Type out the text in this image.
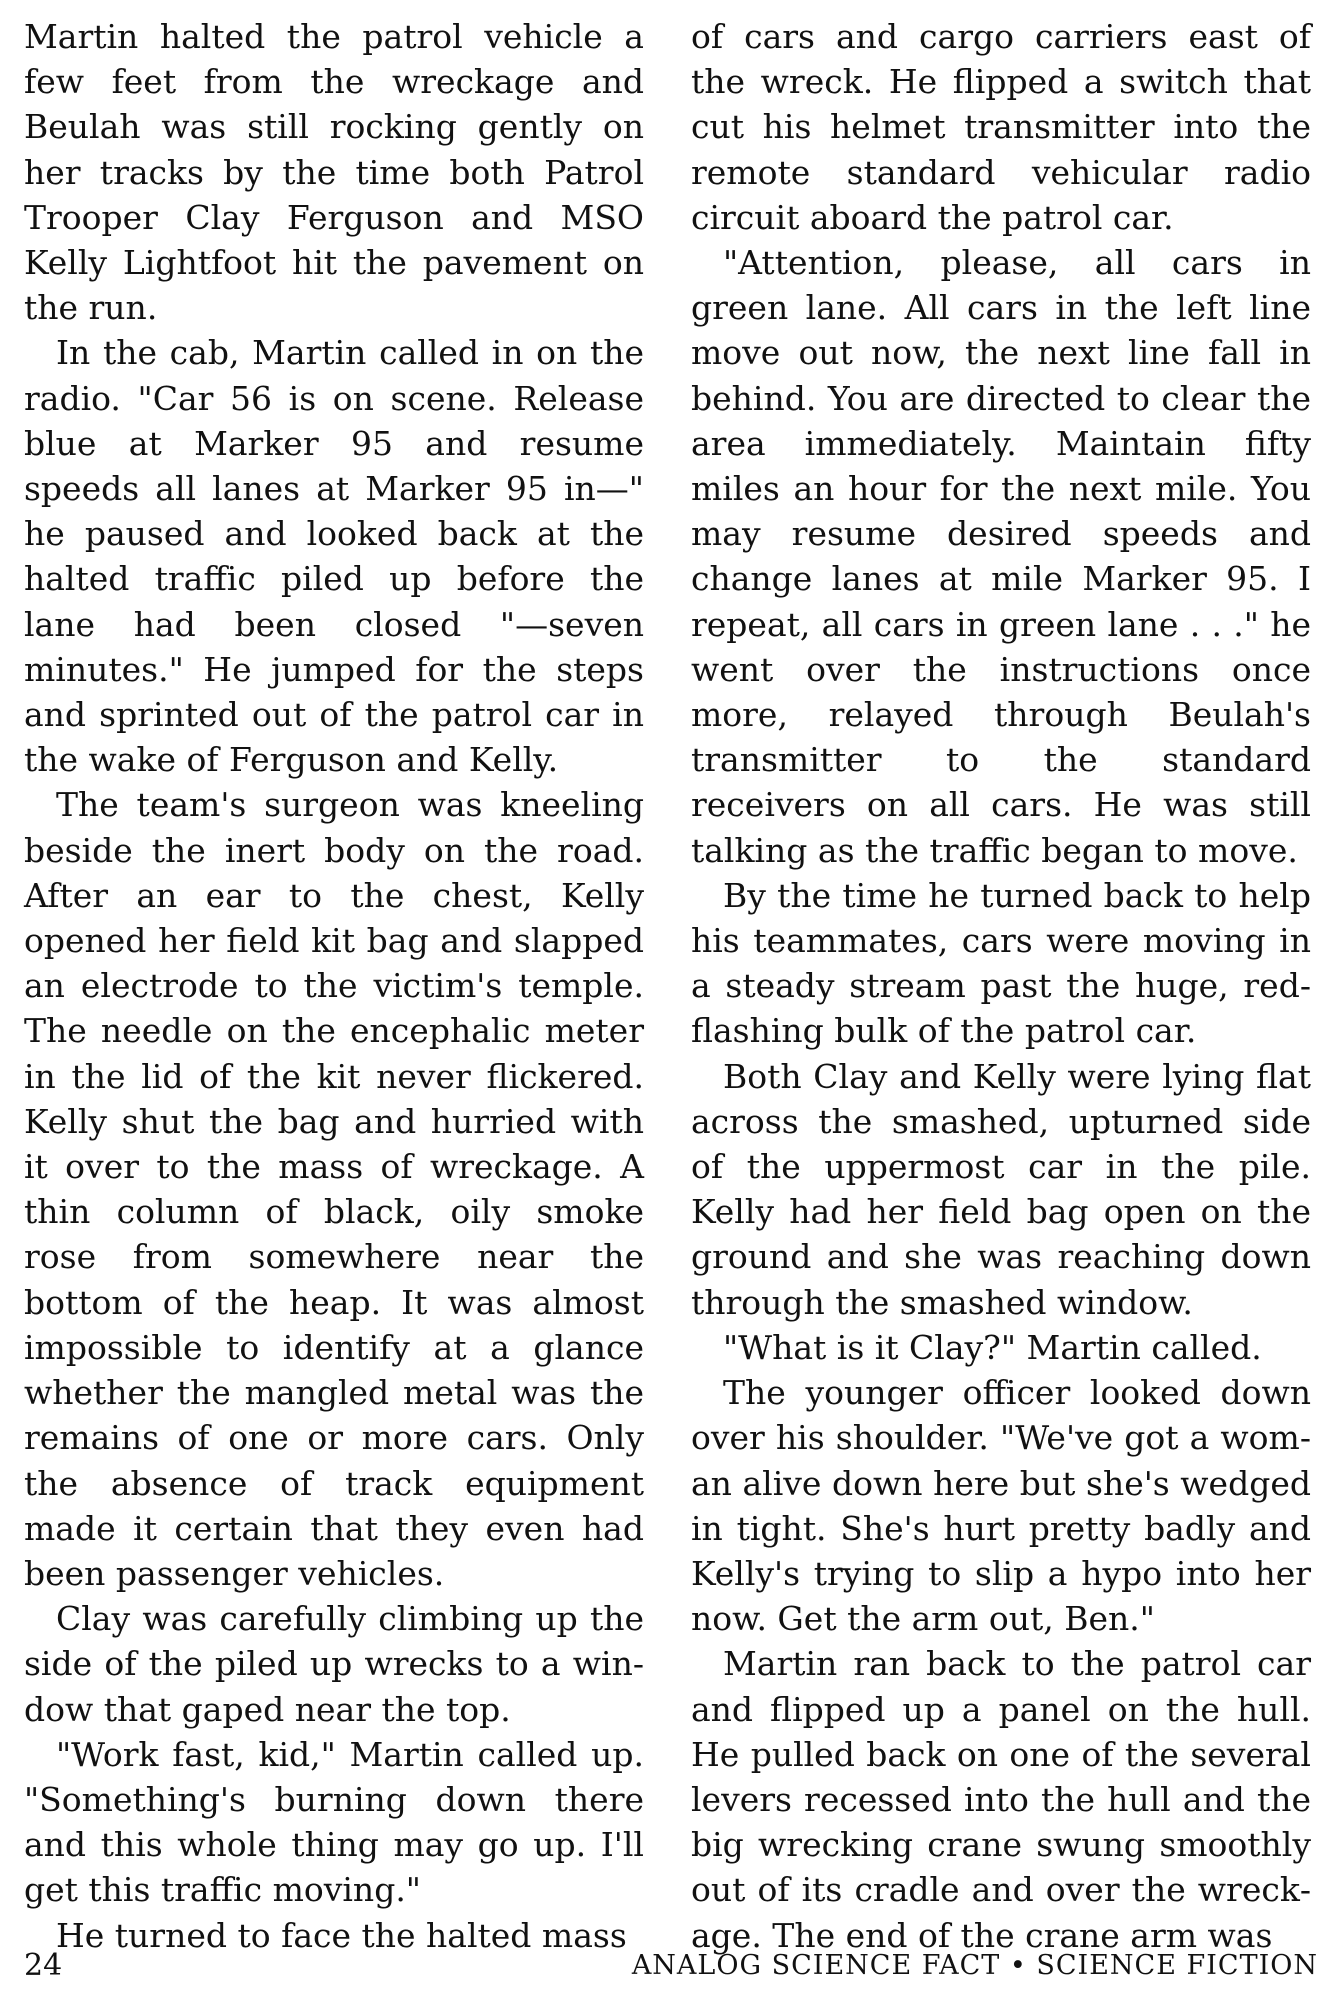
Martin halted the patrol vehicle a few feet from the wreckage and Beulah was still rocking gently on her tracks by the time both Patrol Trooper Clay Ferguson and MSO Kelly Lightfoot hit the pavement on the run.

In the cab, Martin called in on the radio. "Car 56 is on scene. Release blue at Marker 95 and resume speeds all lanes at Marker 95 in—" he paused and looked back at the halted traffic piled up before the lane had been closed "—seven minutes." He jumped for the steps and sprinted out of the patrol car in the wake of Ferguson and Kelly.

The team's surgeon was kneeling beside the inert body on the road. After an ear to the chest, Kelly opened her field kit bag and slapped an electrode to the victim's temple. The needle on the encephalic meter in the lid of the kit never flickered. Kelly shut the bag and hurried with it over to the mass of wreckage. A thin column of black, oily smoke rose from somewhere near the bottom of the heap. It was almost impossible to identify at a glance whether the mangled metal was the remains of one or more cars. Only the absence of track equipment made it certain that they even had been passenger vehicles.

Clay was carefully climbing up the side of the piled up wrecks to a window that gaped near the top.

"Work fast, kid," Martin called up. "Something's burning down there and this whole thing may go up. I'll get this traffic moving."

He turned to face the halted mass

of cars and cargo carriers east of the wreck. He flipped a switch that cut his helmet transmitter into the remote standard vehicular radio circuit aboard the patrol car.

"Attention, please, all cars in green lane. All cars in the left line move out now, the next line fall in behind. You are directed to clear the area immediately. Maintain fifty miles an hour for the next mile. You may resume desired speeds and change lanes at mile Marker 95. I repeat, all cars in green lane . . ." he went over the instructions once more, relayed through Beulah's transmitter to the standard receivers on all cars. He was still talking as the traffic began to move.

By the time he turned back to help his teammates, cars were moving in a steady stream past the huge, redflashing bulk of the patrol car.

Both Clay and Kelly were lying flat across the smashed, upturned side of the uppermost car in the pile. Kelly had her field bag open on the ground and she was reaching down through the smashed window.

"What is it Clay?" Martin called.

The younger officer looked down over his shoulder. "We've got a woman alive down here but she's wedged in tight. She's hurt pretty badly and Kelly's trying to slip a hypo into her now. Get the arm out, Ben."

Martin ran back to the patrol car and flipped up a panel on the hull. He pulled back on one of the several levers recessed into the hull and the big wrecking crane swung smoothly out of its cradle and over the wreckage. The end of the crane arm was

24	ANALOG SCIENCE FACT • SCIENCE FICTION
